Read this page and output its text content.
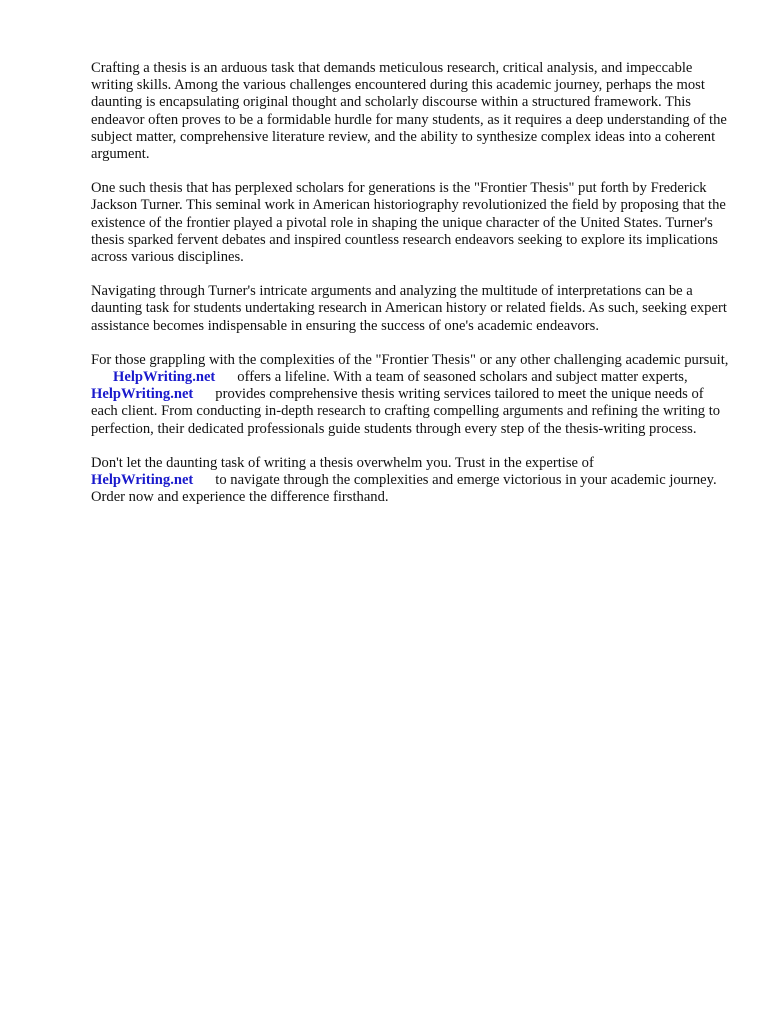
Crafting a thesis is an arduous task that demands meticulous research, critical analysis, and impeccable writing skills. Among the various challenges encountered during this academic journey, perhaps the most daunting is encapsulating original thought and scholarly discourse within a structured framework. This endeavor often proves to be a formidable hurdle for many students, as it requires a deep understanding of the subject matter, comprehensive literature review, and the ability to synthesize complex ideas into a coherent argument.

One such thesis that has perplexed scholars for generations is the "Frontier Thesis" put forth by Frederick Jackson Turner. This seminal work in American historiography revolutionized the field by proposing that the existence of the frontier played a pivotal role in shaping the unique character of the United States. Turner's thesis sparked fervent debates and inspired countless research endeavors seeking to explore its implications across various disciplines.

Navigating through Turner's intricate arguments and analyzing the multitude of interpretations can be a daunting task for students undertaking research in American history or related fields. As such, seeking expert assistance becomes indispensable in ensuring the success of one's academic endeavors.

For those grappling with the complexities of the "Frontier Thesis" or any other challenging academic pursuit,HelpWriting.net offers a lifeline. With a team of seasoned scholars and subject matter experts,HelpWriting.net provides comprehensive thesis writing services tailored to meet the unique needs of each client. From conducting in-depth research to crafting compelling arguments and refining the writing to perfection, their dedicated professionals guide students through every step of the thesis-writing process.

Don't let the daunting task of writing a thesis overwhelm you. Trust in the expertise of
HelpWriting.net to navigate through the complexities and emerge victorious in your academic journey. Order now and experience the difference firsthand.
